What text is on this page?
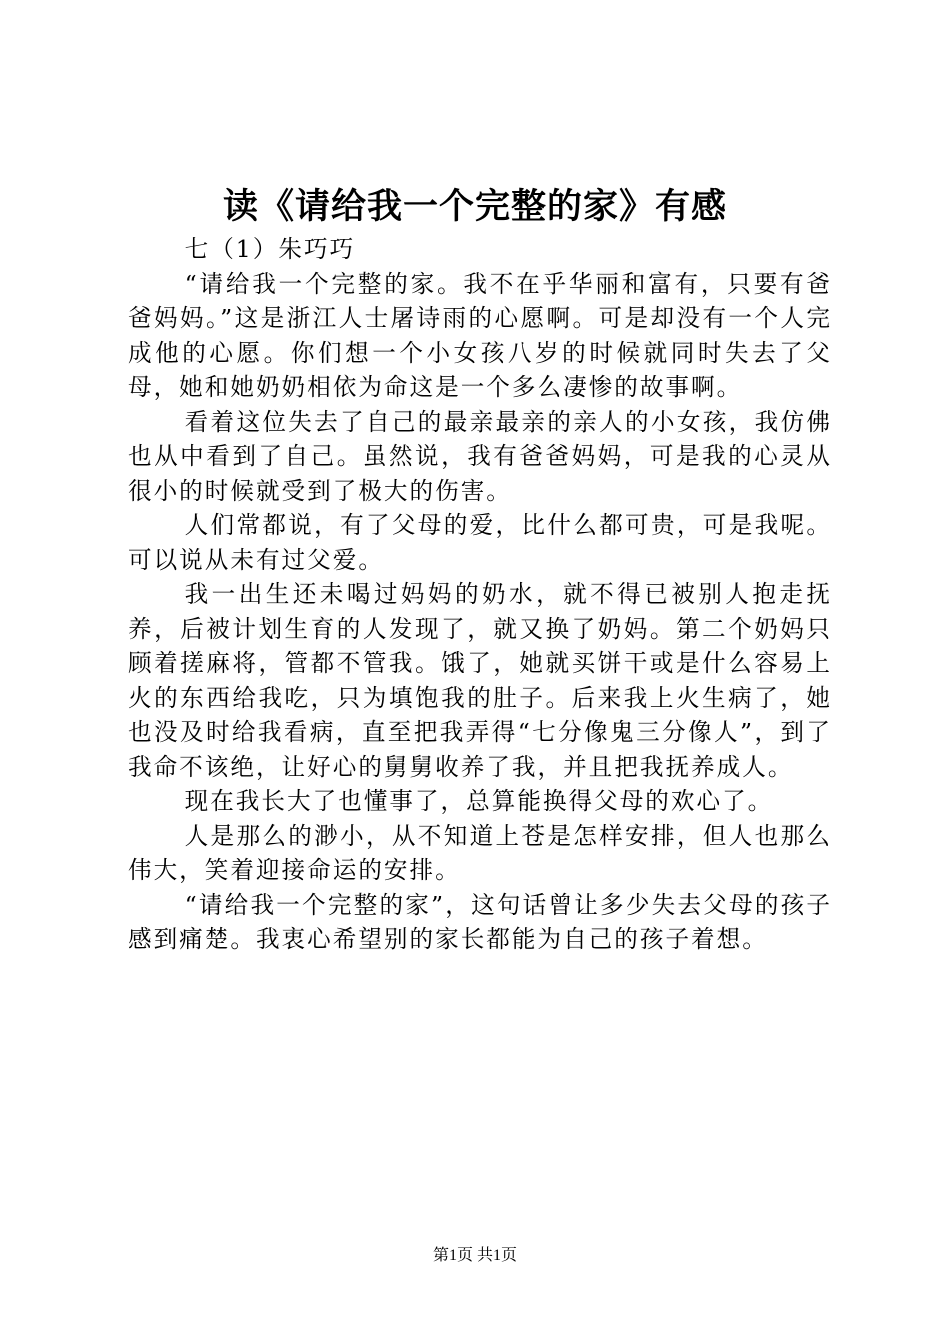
读《请给我一个完整的家》有感

七（1）朱巧巧

“请给我一个完整的家。我不在乎华丽和富有，只要有爸爸妈妈。”这是浙江人士屠诗雨的心愿啊。可是却没有一个人完成他的心愿。你们想一个小女孩八岁的时候就同时失去了父母，她和她奶奶相依为命这是一个多么凄惨的故事啊。

看着这位失去了自己的最亲最亲的亲人的小女孩，我仿佛也从中看到了自己。虽然说，我有爸爸妈妈，可是我的心灵从很小的时候就受到了极大的伤害。

人们常都说，有了父母的爱，比什么都可贵，可是我呢。可以说从未有过父爱。

我一出生还未喝过妈妈的奶水，就不得已被别人抱走抚养，后被计划生育的人发现了，就又换了奶妈。第二个奶妈只顾着搓麻将，管都不管我。饿了，她就买饼干或是什么容易上火的东西给我吃，只为填饱我的肚子。后来我上火生病了，她也没及时给我看病，直至把我弄得“七分像鬼三分像人”，到了我命不该绝，让好心的舅舅收养了我，并且把我抚养成人。

现在我长大了也懂事了，总算能换得父母的欢心了。

人是那么的渺小，从不知道上苍是怎样安排，但人也那么伟大，笑着迎接命运的安排。

“请给我一个完整的家”，这句话曾让多少失去父母的孩子感到痛楚。我衷心希望别的家长都能为自己的孩子着想。

第1页 共1页
